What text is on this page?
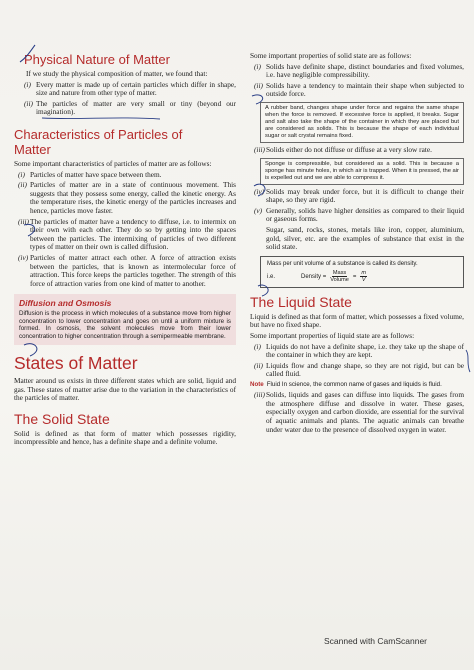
Physical Nature of Matter

If we study the physical composition of matter, we found that:

(i) Every matter is made up of certain particles which differ in shape, size and nature from other type of matter.
(ii) The particles of matter are very small or tiny (beyond our imagination).
Characteristics of Particles of Matter

Some important characteristics of particles of matter are as follows:

(i) Particles of matter have space between them.
(ii) Particles of matter are in a state of continuous movement. This suggests that they possess some energy, called the kinetic energy. As the temperature rises, the kinetic energy of the particles increases and hence, particles move faster.
(iii)The particles of matter have a tendency to diffuse, i.e. to intermix on their own with each other. They do so by getting into the spaces between the particles. The intermixing of particles of two different types of matter on their own is called diffusion.
(iv) Particles of matter attract each other. A force of attraction exists between the particles, that is known as intermolecular force of attraction. This force keeps the particles together. The strength of this force of attraction varies from one kind of matter to another.
Diffusion and Osmosis

Diffusion is the process in which molecules of a substance move from higher concentration to lower concentration and goes on until a uniform mixture is formed. In osmosis, the solvent molecules move from their lower concentration to higher concentration through a semipermeable membrane.

States of Matter

Matter around us exists in three different states which are solid, liquid and gas. These states of matter arise due to the variation in the characteristics of the particles of matter.

The Solid State

Solid is defined as that form of matter which possesses rigidity, incompressible and hence, has a definite shape and a definite volume.

Some important properties of solid state are as follows:

(i) Solids have definite shape, distinct boundaries and fixed volumes, i.e. have negligible compressibility.
(ii) Solids have a tendency to maintain their shape when subjected to outside force.
A rubber band, changes shape under force and regains the same shape when the force is removed. If excessive force is applied, it breaks. Sugar and salt also take the shape of the container in which they are placed but are considered as solids. This is because the shape of each individual sugar or salt crystal remains fixed.
(iii)Solids either do not diffuse or diffuse at a very slow rate.
Sponge is compressible, but considered as a solid. This is because a sponge has minute holes, in which air is trapped. When it is pressed, the air is expelled out and we are able to compress it.
(iv) Solids may break under force, but it is difficult to change their shape, so they are rigid.
(v) Generally, solids have higher densities as compared to their liquid or gaseous forms.

Sugar, sand, rocks, stones, metals like iron, copper, aluminium, gold, silver, etc. are the examples of substance that exist in the solid state.

Mass per unit volume of a substance is called its density.
i.e.	Density = $\frac{\text{Mass}}{\text{Volume}} = \frac{m}{V}$
The Liquid State

Liquid is defined as that form of matter, which possesses a fixed volume, but have no fixed shape.

Some important properties of liquid state are as follows:

(i) Liquids do not have a definite shape, i.e. they take up the shape of the container in which they are kept.
(ii) Liquids flow and change shape, so they are not rigid, but can be called fluid.
Note Fluid In science, the common name of gases and liquids is fluid.
(iii)Solids, liquids and gases can diffuse into liquids. The gases from the atmosphere diffuse and dissolve in water. These gases, especially oxygen and carbon dioxide, are essential for the survival of aquatic animals and plants. The aquatic animals can breathe under water due to the presence of dissolved oxygen in water.
Scanned with CamScanner
